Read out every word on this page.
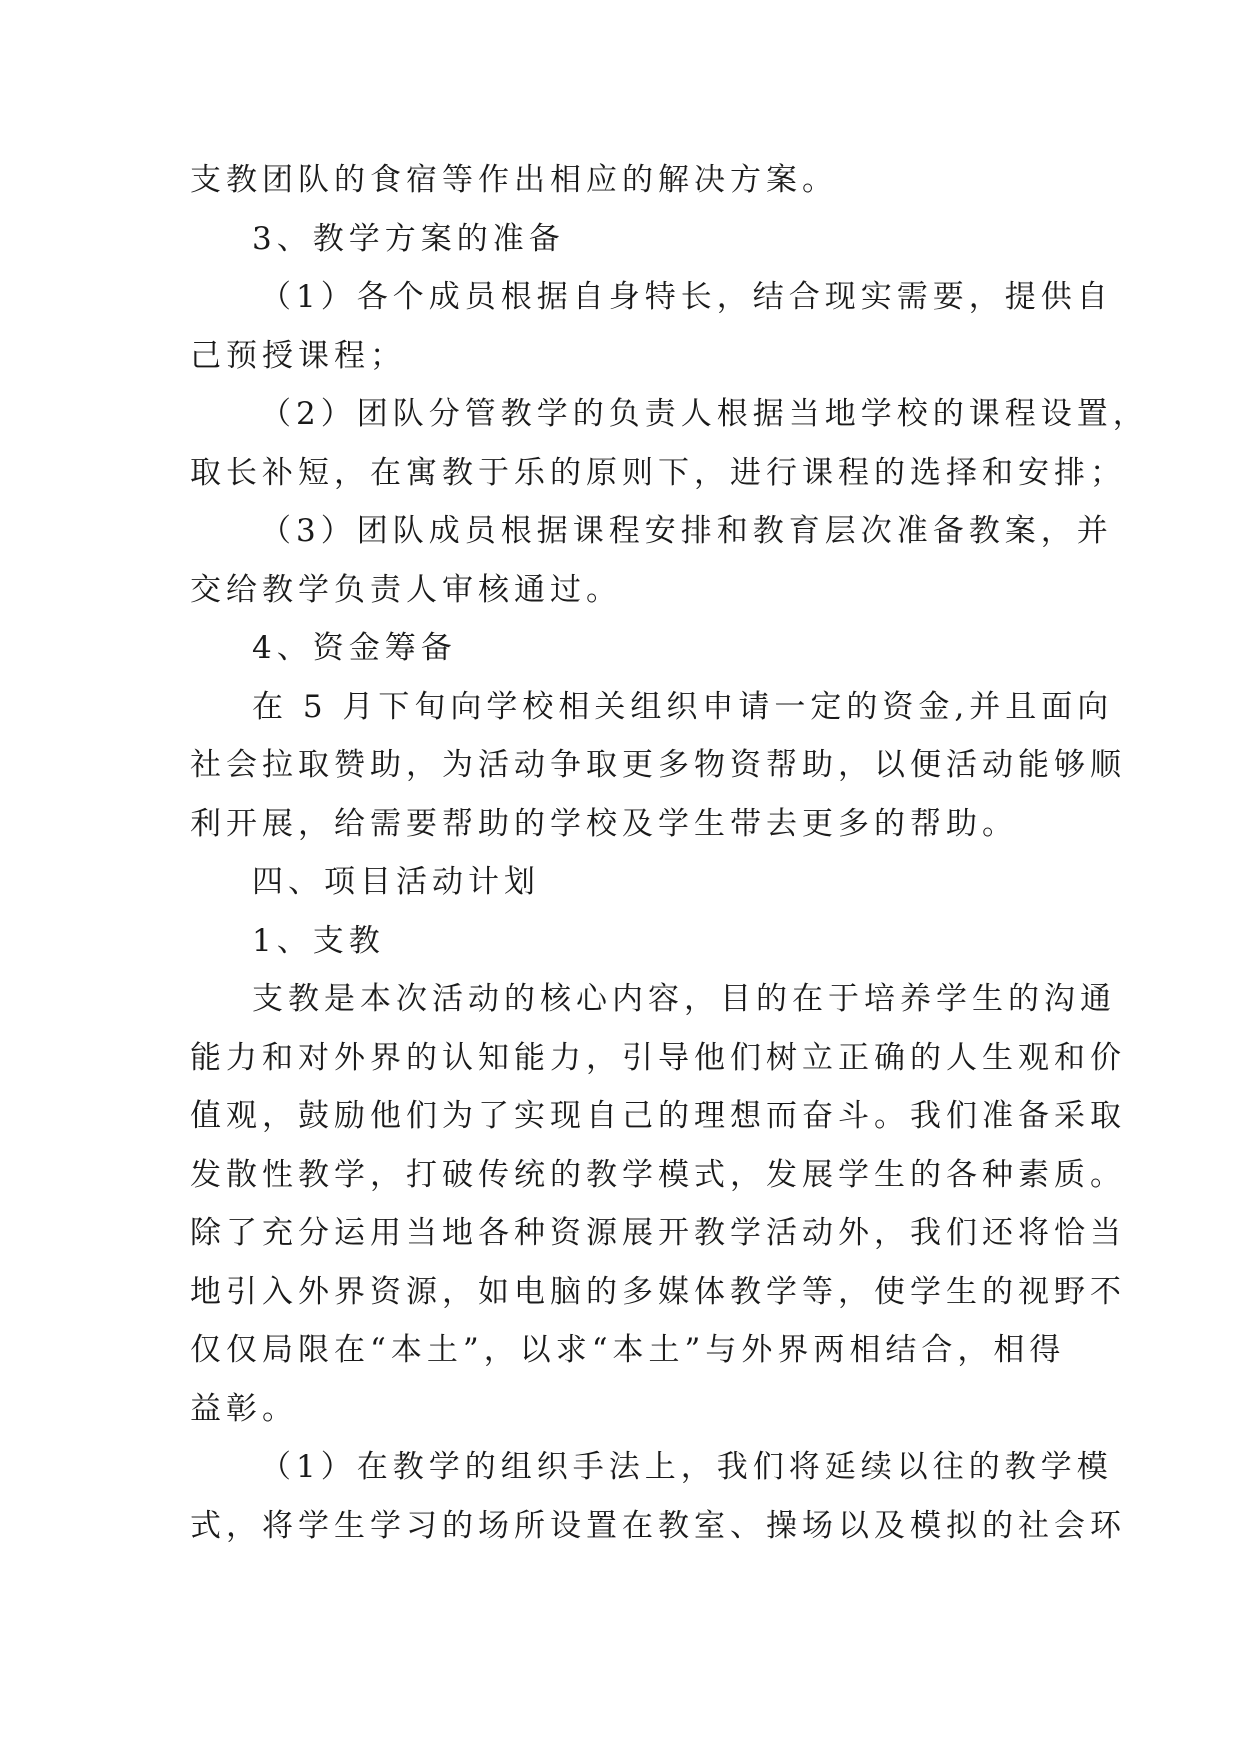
支教团队的食宿等作出相应的解决方案。
3、教学方案的准备
（1）各个成员根据自身特长，结合现实需要，提供自
己预授课程；
（2）团队分管教学的负责人根据当地学校的课程设置，
取长补短，在寓教于乐的原则下，进行课程的选择和安排；
（3）团队成员根据课程安排和教育层次准备教案，并
交给教学负责人审核通过。
4、资金筹备
在 5 月下旬向学校相关组织申请一定的资金,并且面向
社会拉取赞助，为活动争取更多物资帮助，以便活动能够顺
利开展，给需要帮助的学校及学生带去更多的帮助。
四、项目活动计划
1、支教
支教是本次活动的核心内容，目的在于培养学生的沟通
能力和对外界的认知能力，引导他们树立正确的人生观和价
值观，鼓励他们为了实现自己的理想而奋斗。我们准备采取
发散性教学，打破传统的教学模式，发展学生的各种素质。
除了充分运用当地各种资源展开教学活动外，我们还将恰当
地引入外界资源，如电脑的多媒体教学等，使学生的视野不
仅仅局限在“本土”，以求“本土”与外界两相结合，相得
益彰。
（1）在教学的组织手法上，我们将延续以往的教学模
式，将学生学习的场所设置在教室、操场以及模拟的社会环
